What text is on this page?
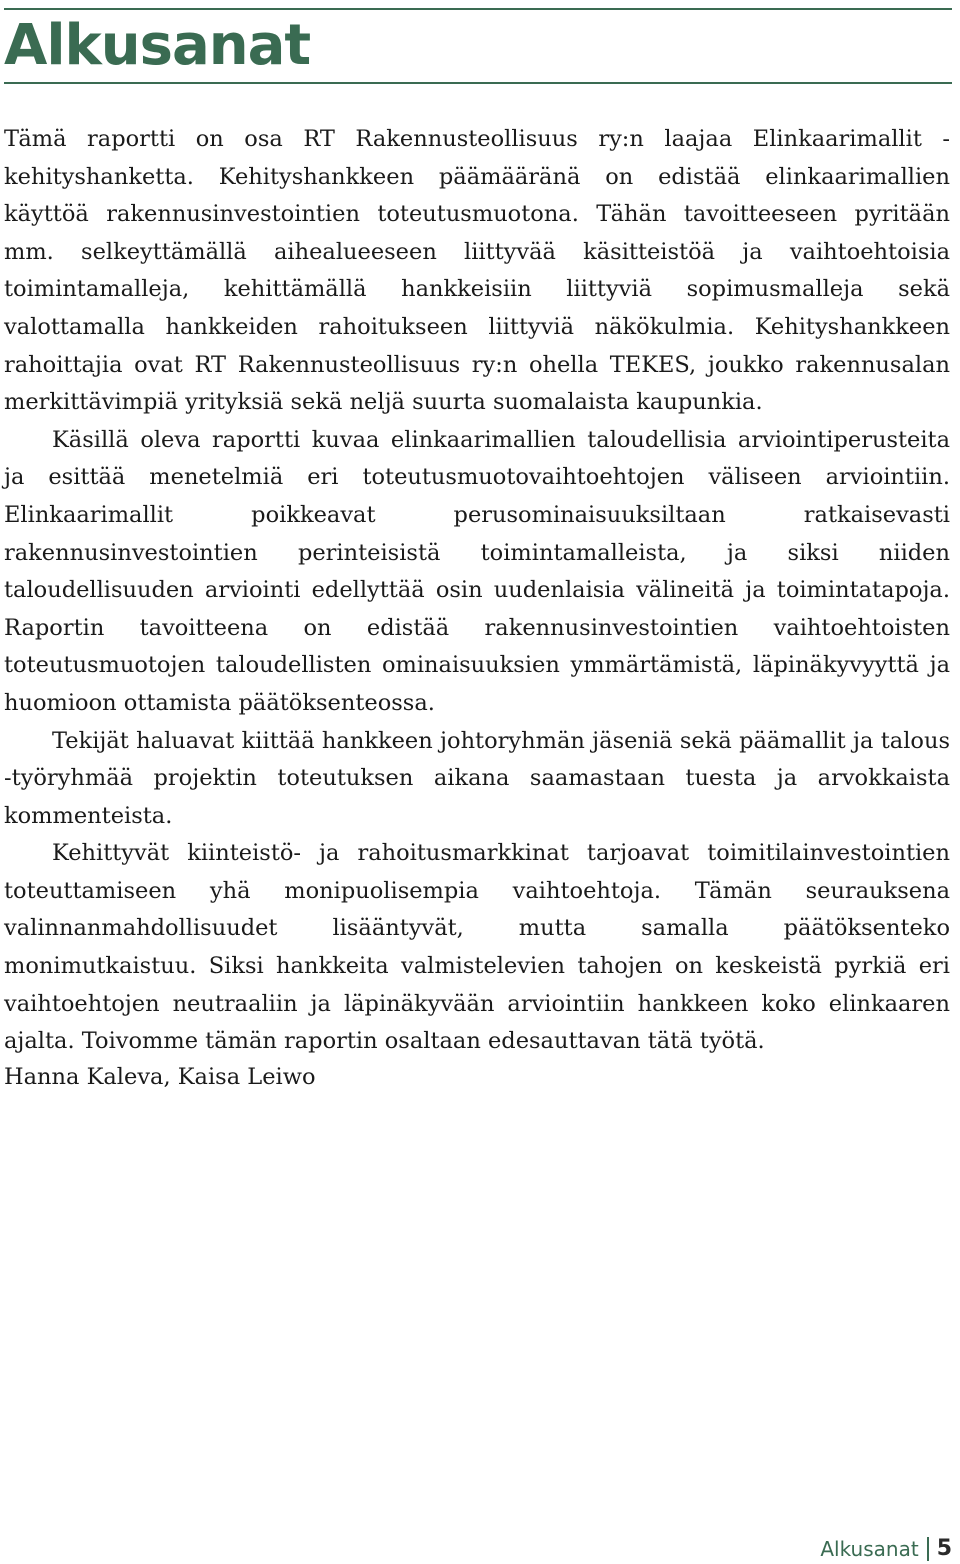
Alkusanat

Tämä raportti on osa RT Rakennusteollisuus ry:n laajaa Elinkaarimallit -kehityshanketta. Kehityshankkeen päämääränä on edistää elinkaarimallien käyttöä rakennusinvestointien toteutusmuotona. Tähän tavoitteeseen pyritään mm. selkeyttämällä aihealueeseen liittyvää käsitteistöä ja vaihtoehtoisia toimintamalleja, kehittämällä hankkeisiin liittyviä sopimusmalleja sekä valottamalla hankkeiden rahoitukseen liittyviä näkökulmia. Kehityshankkeen rahoittajia ovat RT Rakennusteollisuus ry:n ohella TEKES, joukko rakennusalan merkittävimpiä yrityksiä sekä neljä suurta suomalaista kaupunkia.

Käsillä oleva raportti kuvaa elinkaarimallien taloudellisia arviointiperusteita ja esittää menetelmiä eri toteutusmuotovaihtoehtojen väliseen arviointiin. Elinkaarimallit poikkeavat perusominaisuuksiltaan ratkaisevasti rakennusinvestointien perinteisistä toimintamalleista, ja siksi niiden taloudellisuuden arviointi edellyttää osin uudenlaisia välineitä ja toimintatapoja. Raportin tavoitteena on edistää rakennusinvestointien vaihtoehtoisten toteutusmuotojen taloudellisten ominaisuuksien ymmärtämistä, läpinäkyvyyttä ja huomioon ottamista päätöksenteossa.

Tekijät haluavat kiittää hankkeen johtoryhmän jäseniä sekä päämallit ja talous -työryhmää projektin toteutuksen aikana saamastaan tuesta ja arvokkaista kommenteista.

Kehittyvät kiinteistö- ja rahoitusmarkkinat tarjoavat toimitilainvestointien toteuttamiseen yhä monipuolisempia vaihtoehtoja. Tämän seurauksena valinnanmahdollisuudet lisääntyvät, mutta samalla päätöksenteko monimutkaistuu. Siksi hankkeita valmistelevien tahojen on keskeistä pyrkiä eri vaihtoehtojen neutraaliin ja läpinäkyvään arviointiin hankkeen koko elinkaaren ajalta. Toivomme tämän raportin osaltaan edesauttavan tätä työtä.

Hanna Kaleva, Kaisa Leiwo

Alkusanat 5
